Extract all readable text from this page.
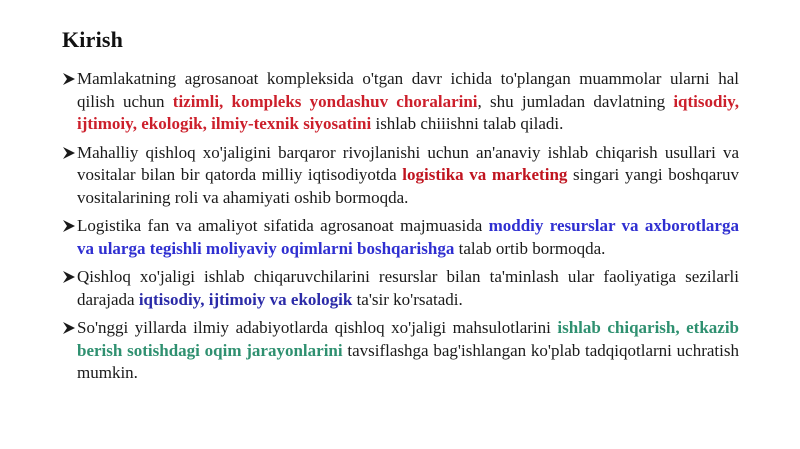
Kirish
Mamlakatning agrosanoat kompleksida o'tgan davr ichida to'plangan muammolar ularni hal qilish uchun tizimli, kompleks yondashuv choralarini, shu jumladan davlatning iqtisodiy, ijtimoiy, ekologik, ilmiy-texnik siyosatini ishlab chiiishni talab qiladi.
Mahalliy qishloq xo'jaligini barqaror rivojlanishi uchun an'anaviy ishlab chiqarish usullari va vositalar bilan bir qatorda milliy iqtisodiyotda logistika va marketing singari yangi boshqaruv vositalarining roli va ahamiyati oshib bormoqda.
Logistika fan va amaliyot sifatida agrosanoat majmuasida moddiy resurslar va axborotlarga va ularga tegishli moliyaviy oqimlarni boshqarishga talab ortib bormoqda.
Qishloq xo'jaligi ishlab chiqaruvchilarini resurslar bilan ta'minlash ular faoliyatiga sezilarli darajada iqtisodiy, ijtimoiy va ekologik ta'sir ko'rsatadi.
So'nggi yillarda ilmiy adabiyotlarda qishloq xo'jaligi mahsulotlarini ishlab chiqarish, etkazib berish sotishdagi oqim jarayonlarini tavsiflashga bag'ishlangan ko'plab tadqiqotlarni uchratish mumkin.
